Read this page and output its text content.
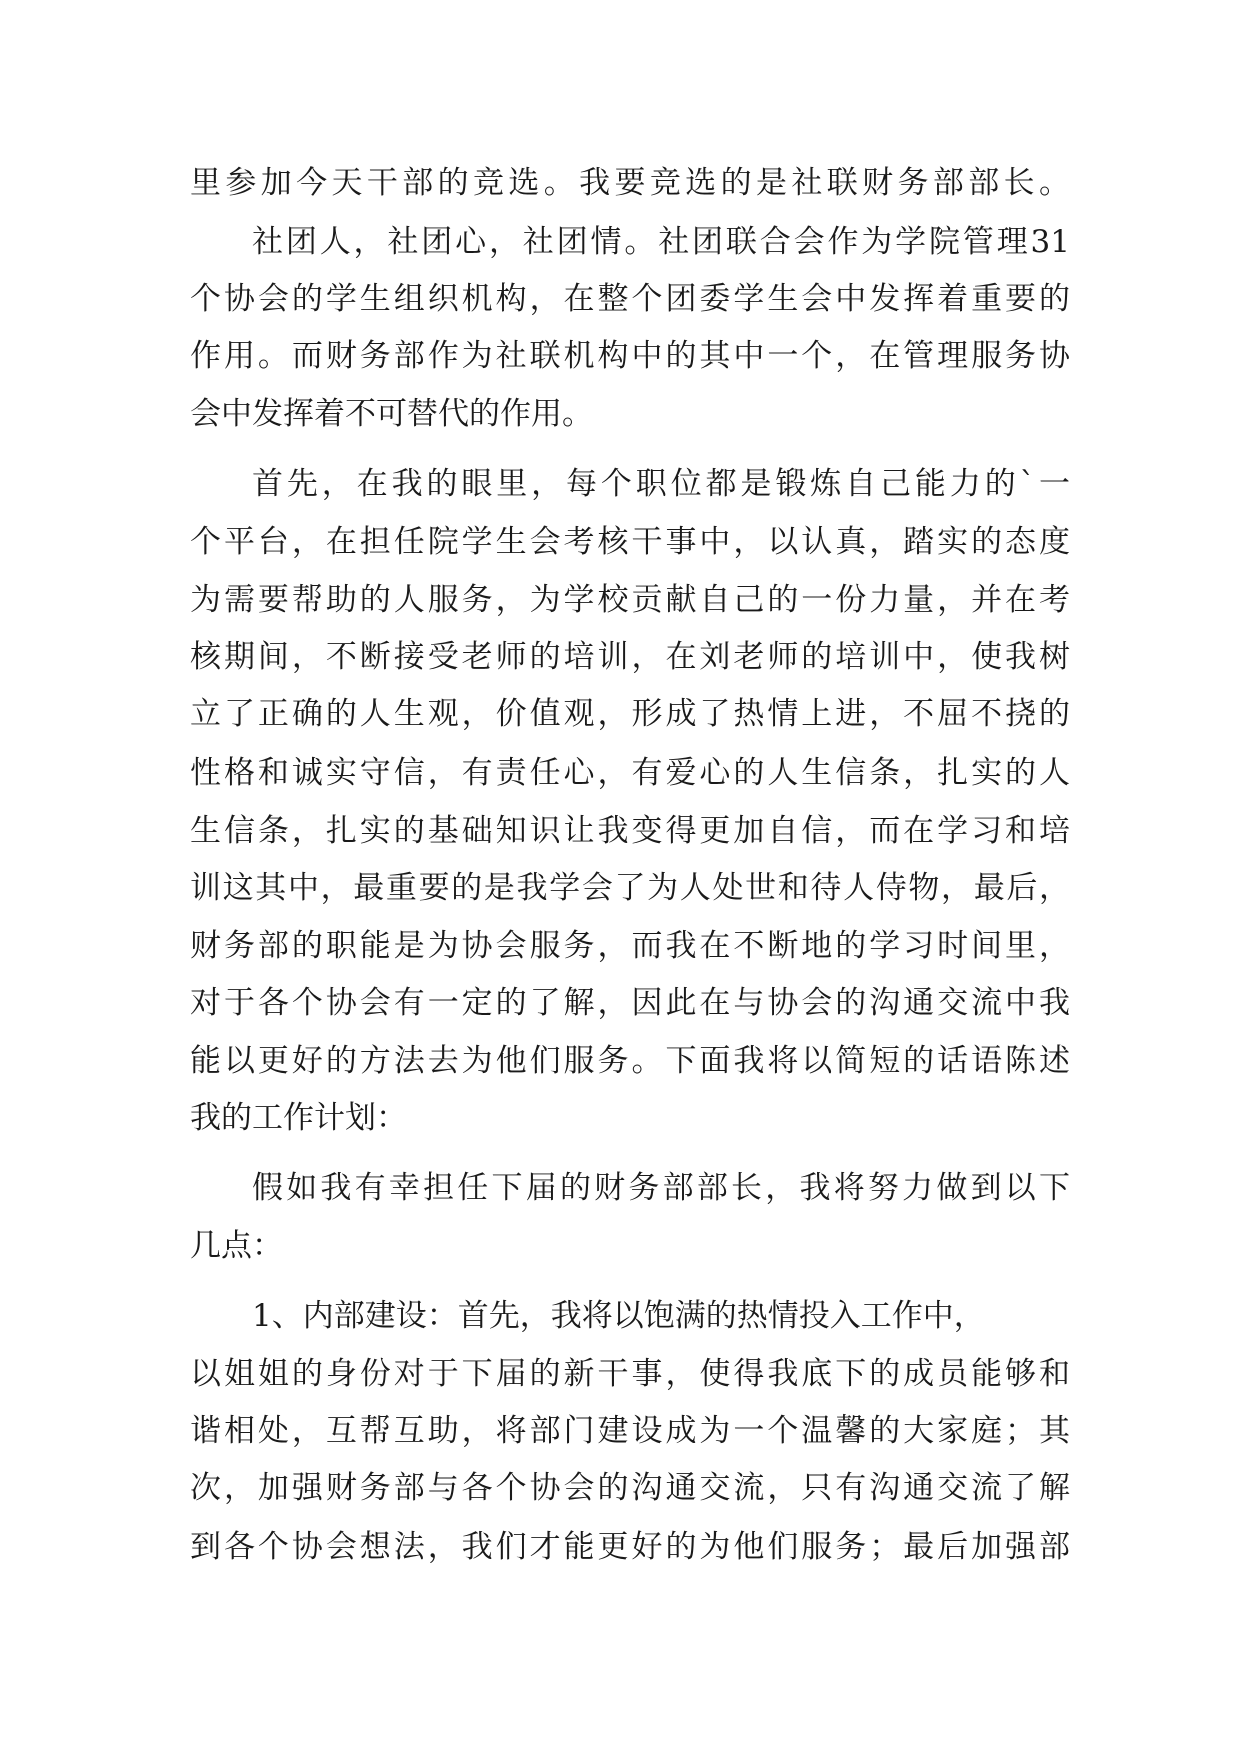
里参加今天干部的竞选。我要竞选的是社联财务部部长。
社团人，社团心，社团情。社团联合会作为学院管理31
个协会的学生组织机构，在整个团委学生会中发挥着重要的
作用。而财务部作为社联机构中的其中一个，在管理服务协
会中发挥着不可替代的作用。
首先，在我的眼里，每个职位都是锻炼自己能力的`一
个平台，在担任院学生会考核干事中，以认真，踏实的态度
为需要帮助的人服务，为学校贡献自己的一份力量，并在考
核期间，不断接受老师的培训，在刘老师的培训中，使我树
立了正确的人生观，价值观，形成了热情上进，不屈不挠的
性格和诚实守信，有责任心，有爱心的人生信条，扎实的人
生信条，扎实的基础知识让我变得更加自信，而在学习和培
训这其中，最重要的是我学会了为人处世和待人侍物，最后，
财务部的职能是为协会服务，而我在不断地的学习时间里，
对于各个协会有一定的了解，因此在与协会的沟通交流中我
能以更好的方法去为他们服务。下面我将以简短的话语陈述
我的工作计划：
假如我有幸担任下届的财务部部长，我将努力做到以下
几点：
1、内部建设：首先，我将以饱满的热情投入工作中，
以姐姐的身份对于下届的新干事，使得我底下的成员能够和
谐相处，互帮互助，将部门建设成为一个温馨的大家庭；其
次，加强财务部与各个协会的沟通交流，只有沟通交流了解
到各个协会想法，我们才能更好的为他们服务；最后加强部
